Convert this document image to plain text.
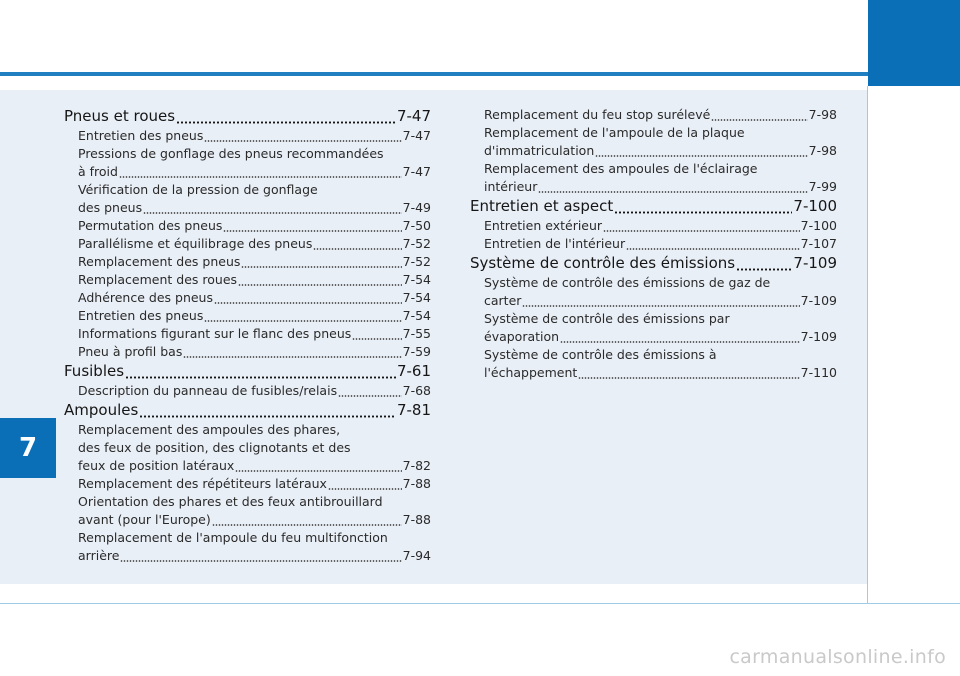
7
Pneus et roues	7-47
Entretien des pneus	7-47
Pressions de gonflage des pneus recommandées
à froid	7-47
Vérification de la pression de gonflage
des pneus	7-49
Permutation des pneus	7-50
Parallélisme et équilibrage des pneus	7-52
Remplacement des pneus	7-52
Remplacement des roues	7-54
Adhérence des pneus	7-54
Entretien des pneus	7-54
Informations figurant sur le flanc des pneus	7-55
Pneu à profil bas	7-59
Fusibles	7-61
Description du panneau de fusibles/relais	7-68
Ampoules	7-81
Remplacement des ampoules des phares,
des feux de position, des clignotants et des
feux de position latéraux	7-82
Remplacement des répétiteurs latéraux	7-88
Orientation des phares et des feux antibrouillard
avant (pour l'Europe)	7-88
Remplacement de l'ampoule du feu multifonction
arrière	7-94
Remplacement du feu stop surélevé	7-98
Remplacement de l'ampoule de la plaque
d'immatriculation	7-98
Remplacement des ampoules de l'éclairage
intérieur	7-99
Entretien et aspect	7-100
Entretien extérieur	7-100
Entretien de l'intérieur	7-107
Système de contrôle des émissions	7-109
Système de contrôle des émissions de gaz de
carter	7-109
Système de contrôle des émissions par
évaporation	7-109
Système de contrôle des émissions à
l'échappement	7-110
carmanualsonline.info
